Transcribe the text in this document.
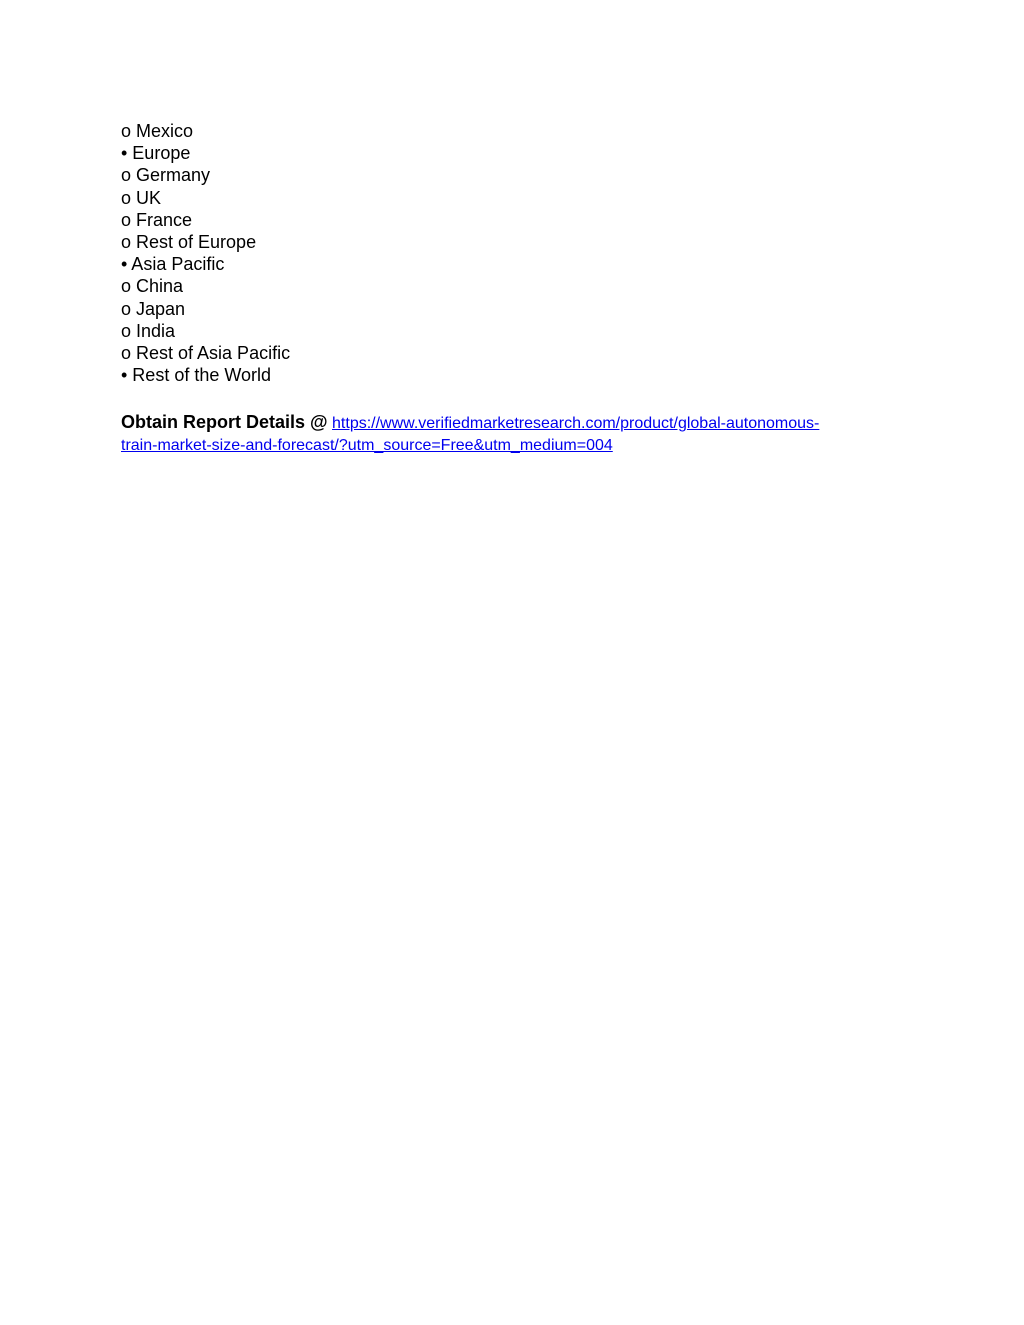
o Mexico
• Europe
o Germany
o UK
o France
o Rest of Europe
• Asia Pacific
o China
o Japan
o India
o Rest of Asia Pacific
• Rest of the World

Obtain Report Details @ https://www.verifiedmarketresearch.com/product/global-autonomous-
train-market-size-and-forecast/?utm_source=Free&utm_medium=004
